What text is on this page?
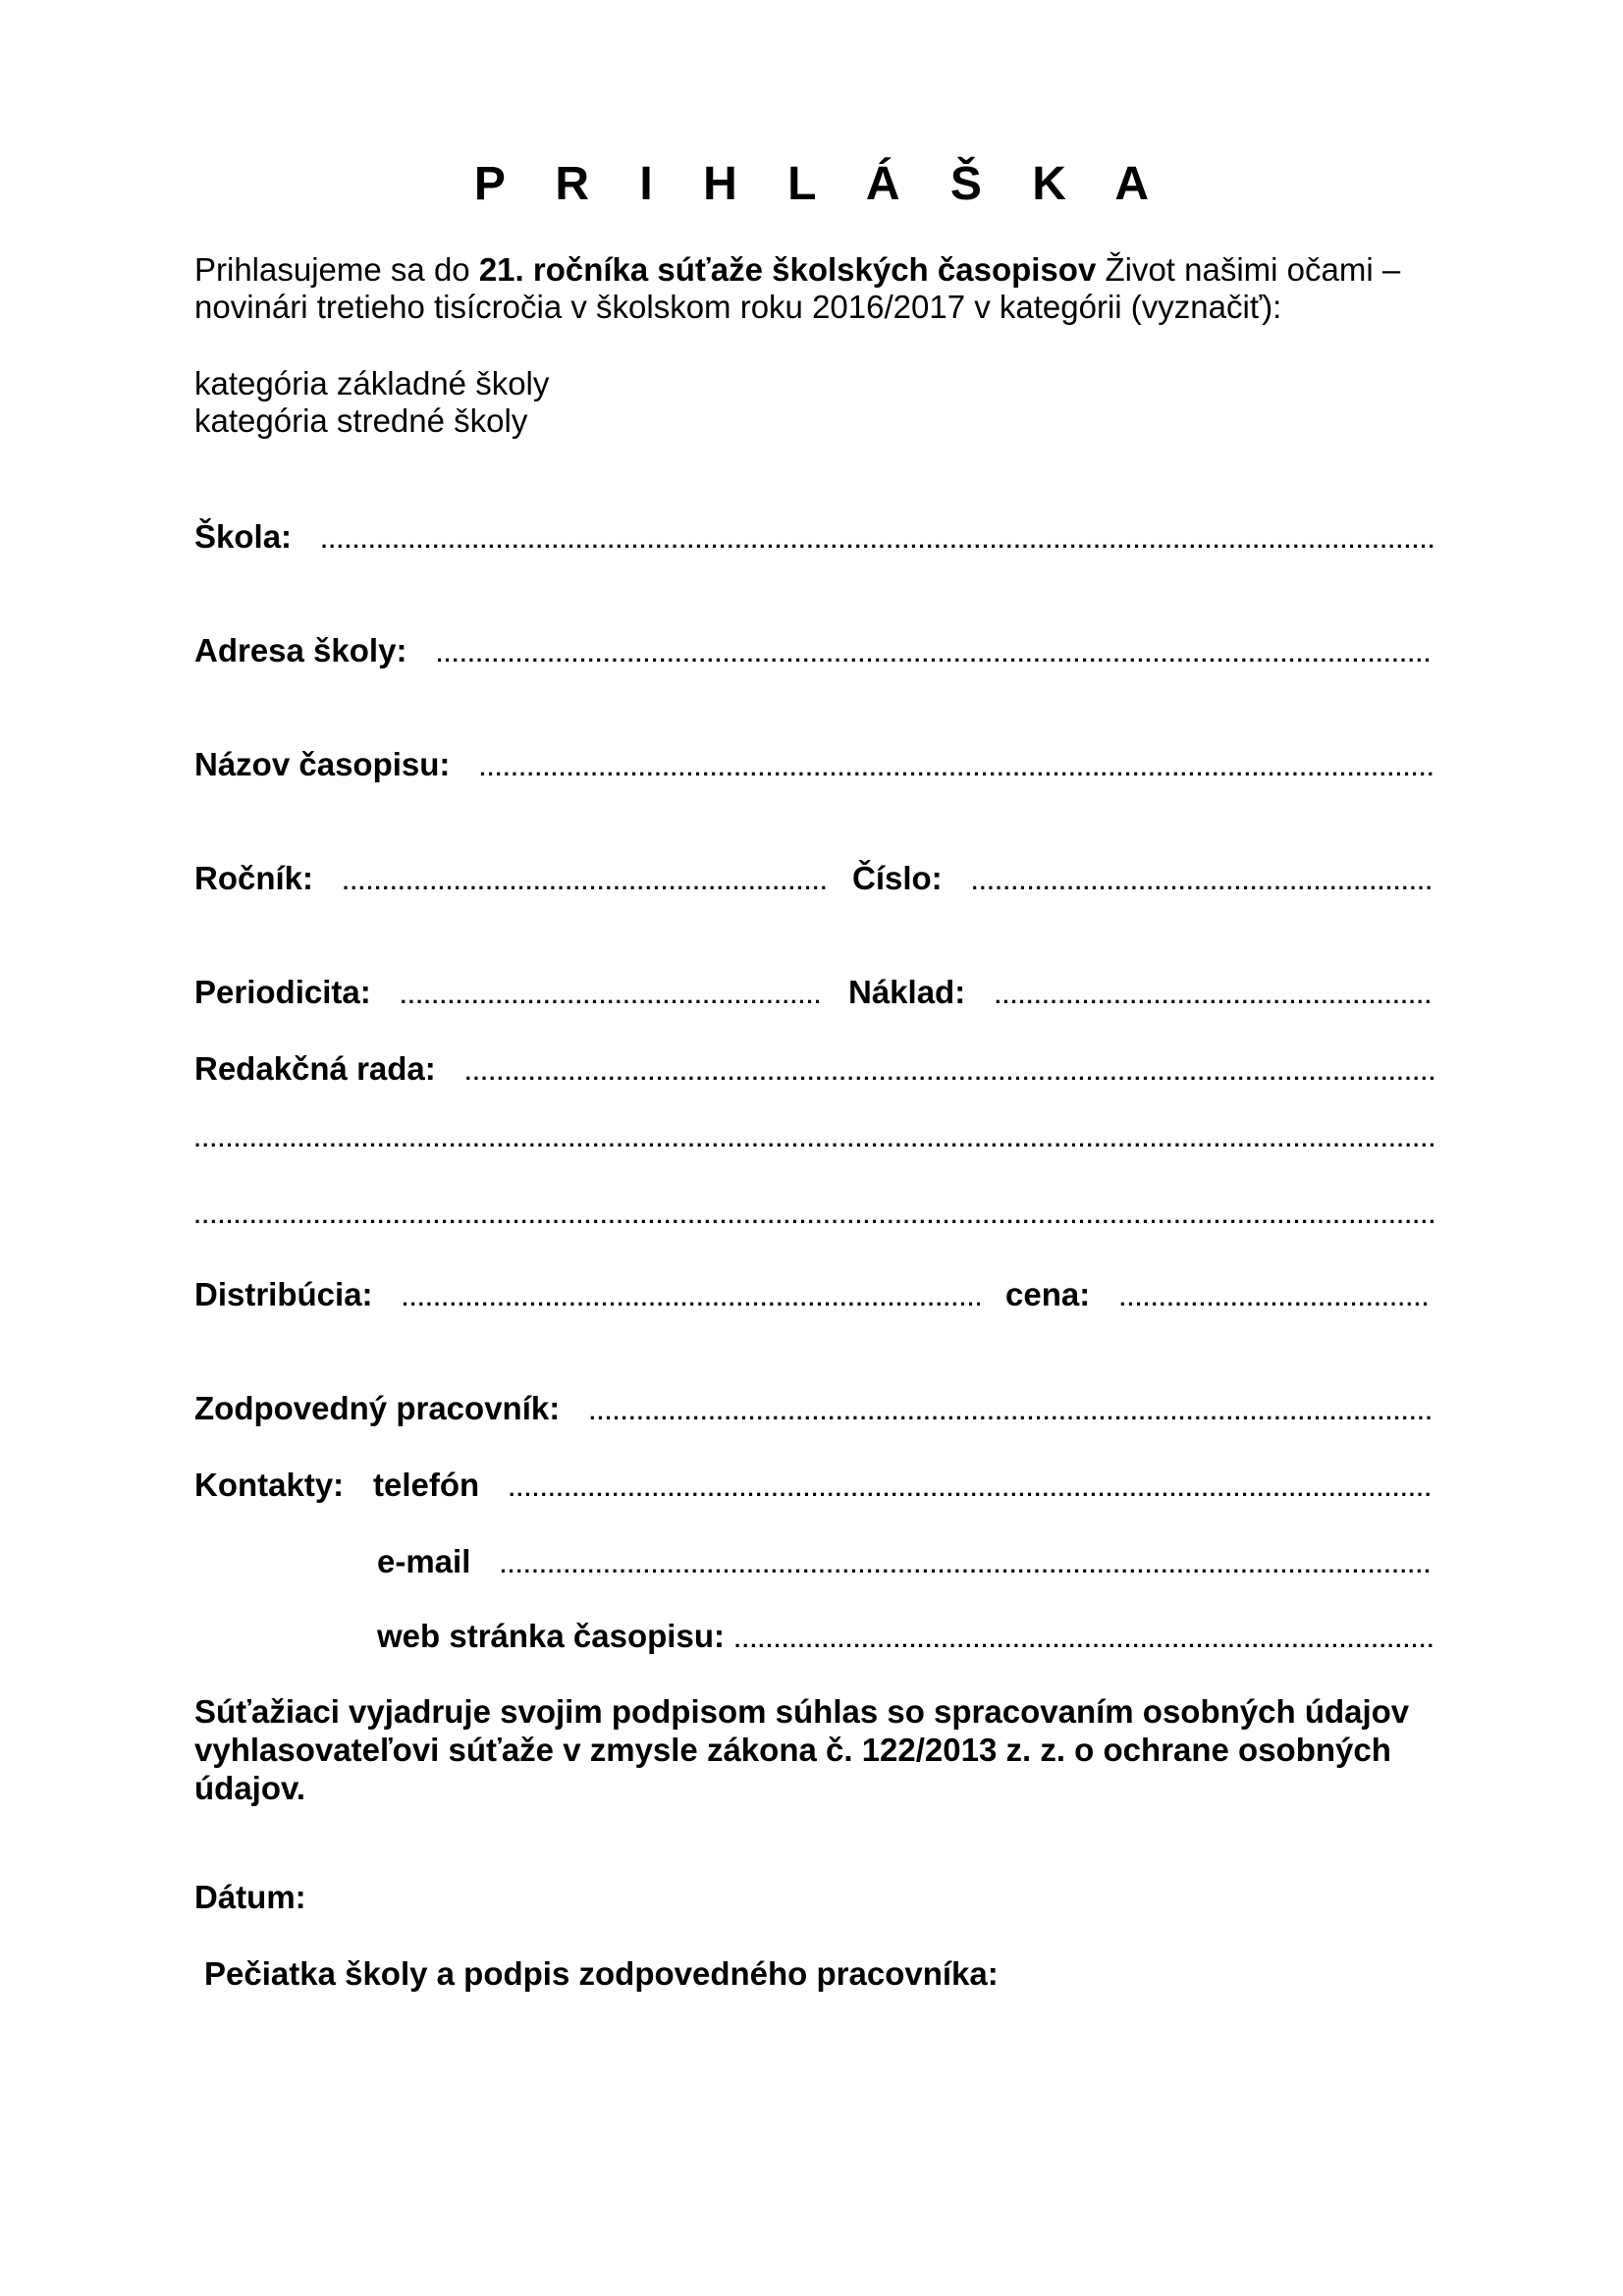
P R I H L Á Š K A
Prihlasujeme sa do 21. ročníka súťaže školských časopisov Život našimi očami – novinári tretieho tisícročia v školskom roku 2016/2017 v kategórii (vyznačiť):
kategória základné školy
kategória stredné školy
Škola:
.....
Adresa školy:
.....
Názov časopisu:
.....
Ročník: .....	Číslo:
.....
Periodicita: .....	Náklad:
.....
Redakčná rada:
.....
.....
.....
Distribúcia: .....	cena:
.....
Zodpovedný pracovník:
.....
Kontakty: telefón
.....
e-mail
.....
web stránka časopisu:
.....
Súťažiaci vyjadruje svojim podpisom súhlas so spracovaním osobných údajov vyhlasovateľovi súťaže v zmysle zákona č. 122/2013 z. z. o ochrane osobných údajov.
Dátum:
Pečiatka školy a podpis zodpovedného pracovníka:
